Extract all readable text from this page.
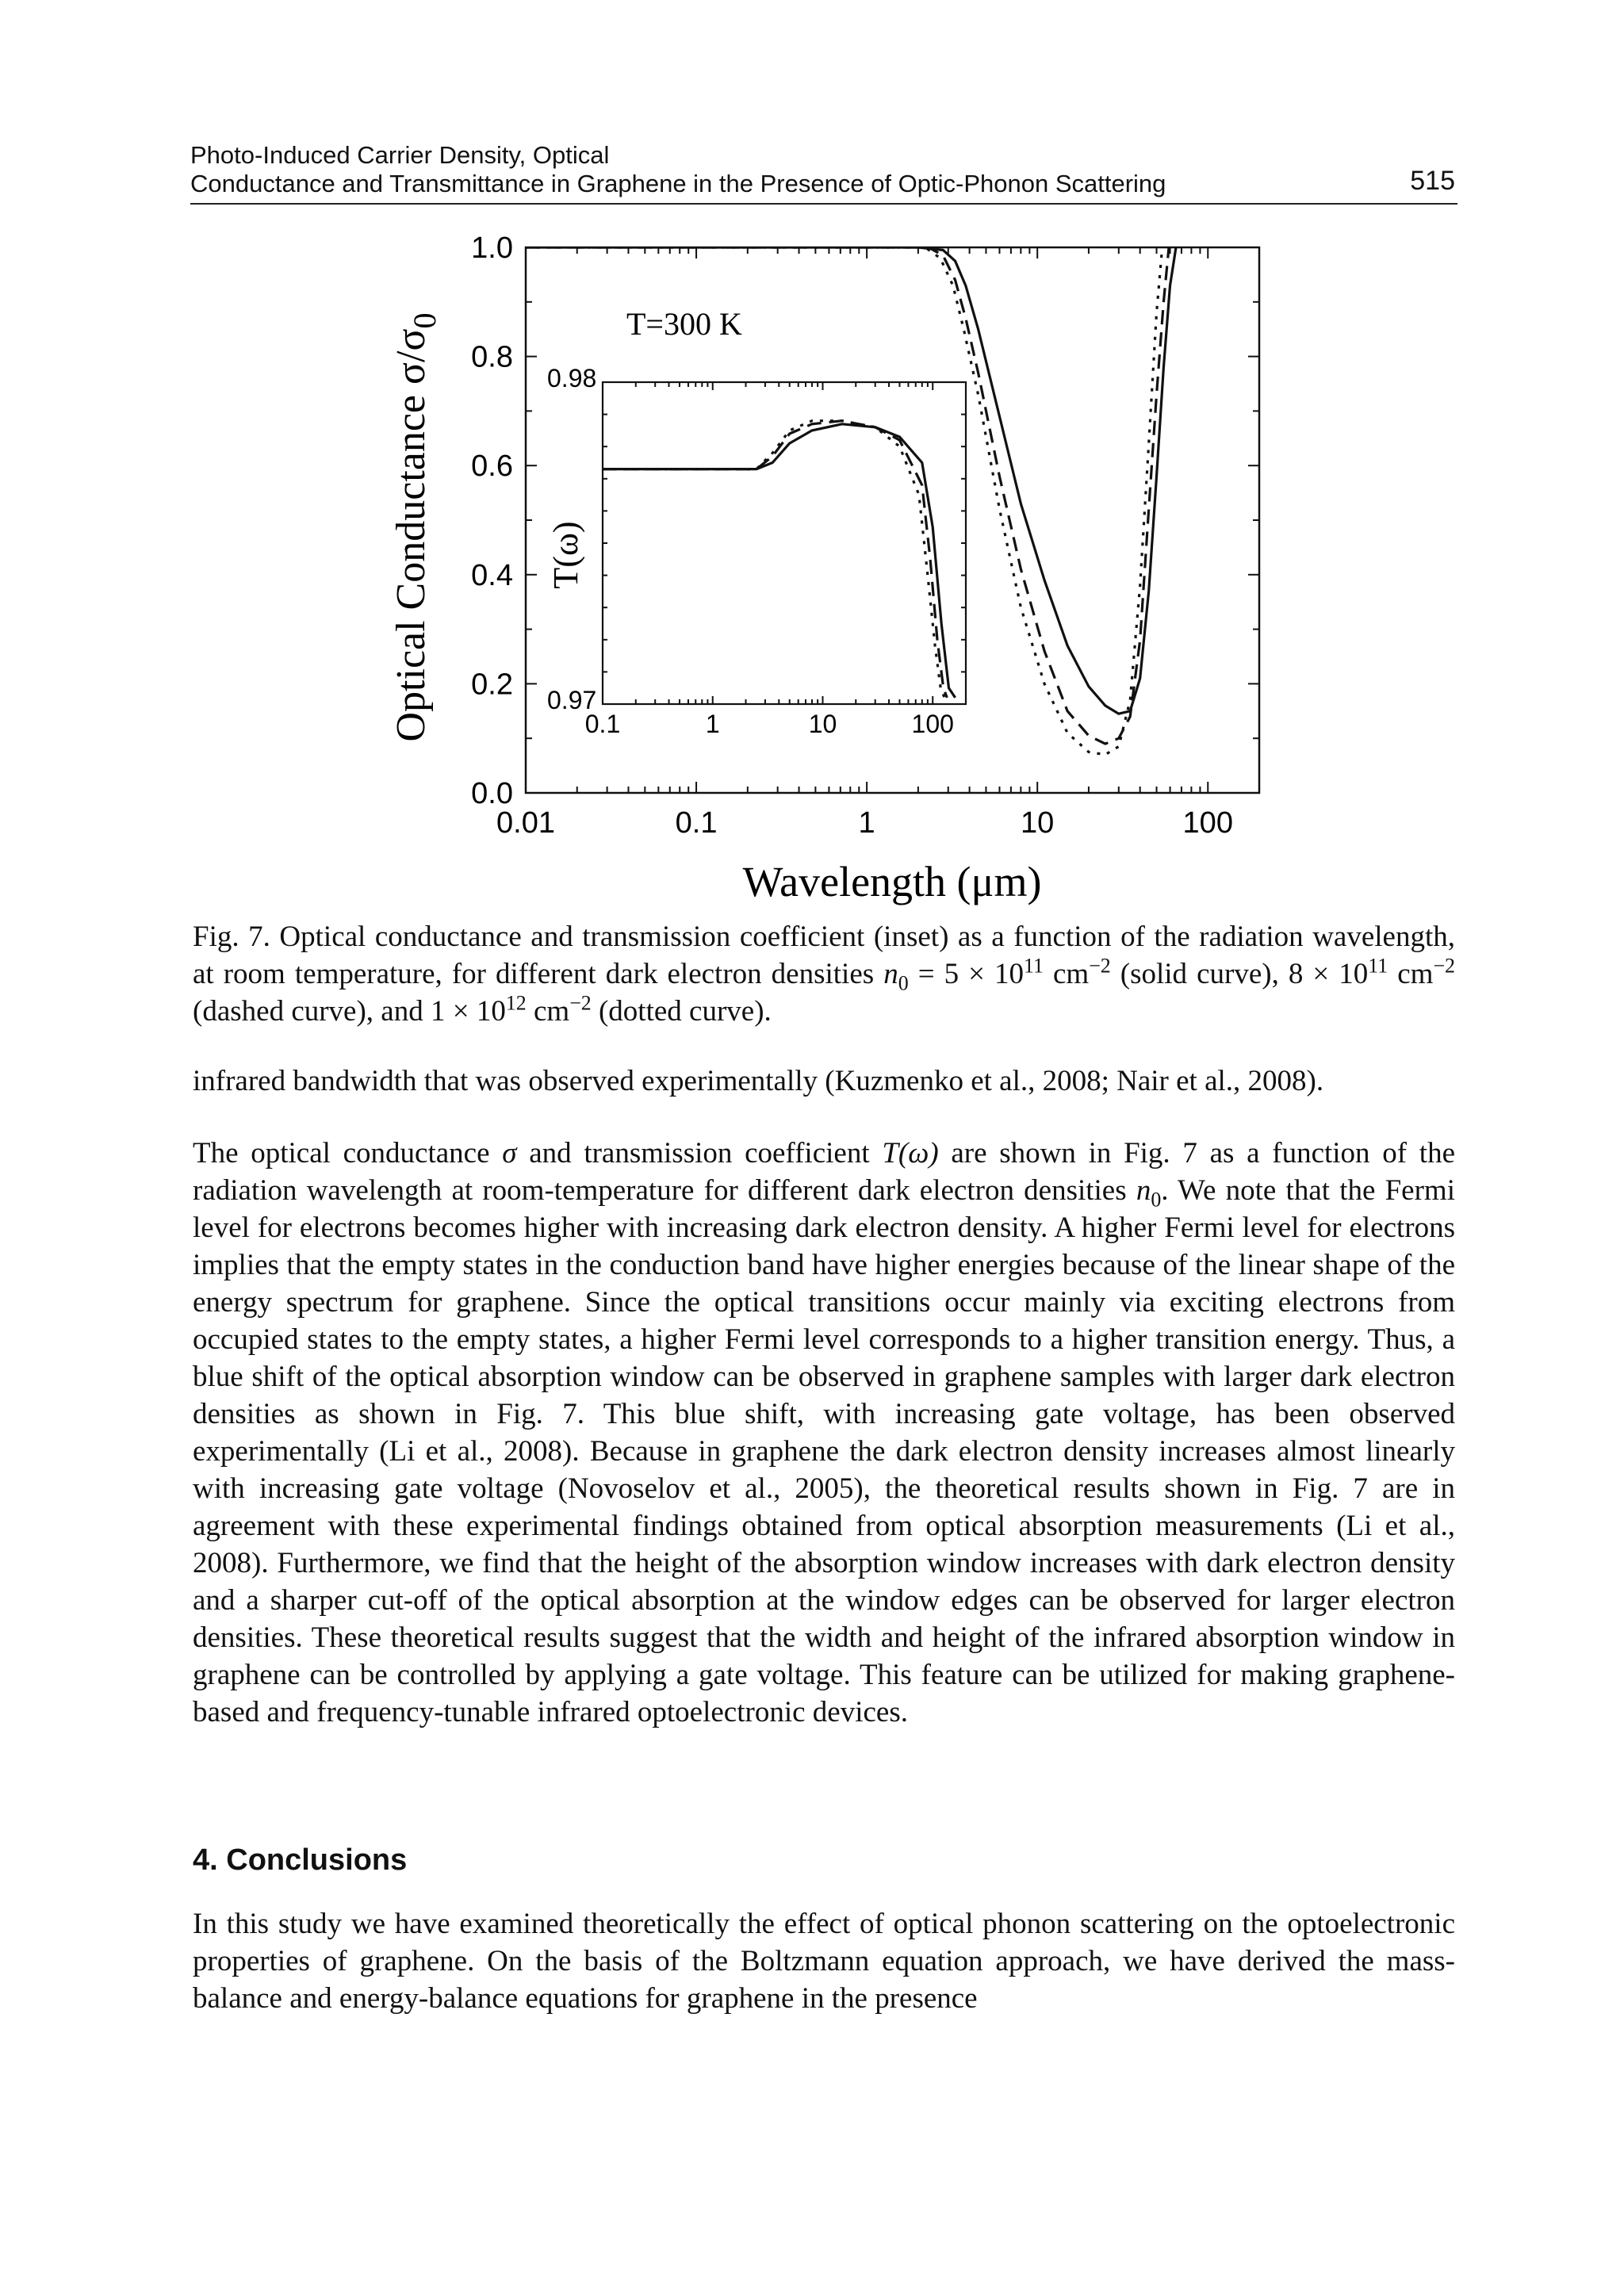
Photo-Induced Carrier Density, Optical
Conductance and Transmittance in Graphene in the Presence of Optic-Phonon Scattering	515
0.01	0.1	1	10	100
0.0
0.2
0.4
0.6
0.8
1.0
Wavelength (μm)
Optical Conductance $\sigma/\sigma_0$	T=300 K
0.1	1	10	100
0.97
0.98
T(ω)
Fig. 7. Optical conductance and transmission coefficient (inset) as a function of the radiation wavelength, at room temperature, for different dark electron densities $n_0 = 5 \times 10^{11}$ $cm^{-2}$ (solid curve), $8 \times 10^{11}$ $cm^{-2}$ (dashed curve), and $1 \times 10^{12}$ $cm^{-2}$ (dotted curve).

infrared bandwidth that was observed experimentally (Kuzmenko et al., 2008; Nair et al., 2008).

The optical conductance σ and transmission coefficient T(ω) are shown in Fig. 7 as a function of the radiation wavelength at room-temperature for different dark electron densities $n_0$. We note that the Fermi level for electrons becomes higher with increasing dark electron density. A higher Fermi level for electrons implies that the empty states in the conduction band have higher energies because of the linear shape of the energy spectrum for graphene. Since the optical transitions occur mainly via exciting electrons from occupied states to the empty states, a higher Fermi level corresponds to a higher transition energy. Thus, a blue shift of the optical absorption window can be observed in graphene samples with larger dark electron densities as shown in Fig. 7. This blue shift, with increasing gate voltage, has been observed experimentally (Li et al., 2008). Because in graphene the dark electron density increases almost linearly with increasing gate voltage (Novoselov et al., 2005), the theoretical results shown in Fig. 7 are in agreement with these experimental findings obtained from optical absorption measurements (Li et al., 2008). Furthermore, we find that the height of the absorption window increases with dark electron density and a sharper cut-off of the optical absorption at the window edges can be observed for larger electron densities. These theoretical results suggest that the width and height of the infrared absorption window in graphene can be controlled by applying a gate voltage. This feature can be utilized for making graphene-based and frequency-tunable infrared optoelectronic devices.

4. Conclusions

In this study we have examined theoretically the effect of optical phonon scattering on the optoelectronic properties of graphene. On the basis of the Boltzmann equation approach, we have derived the mass-balance and energy-balance equations for graphene in the presence
